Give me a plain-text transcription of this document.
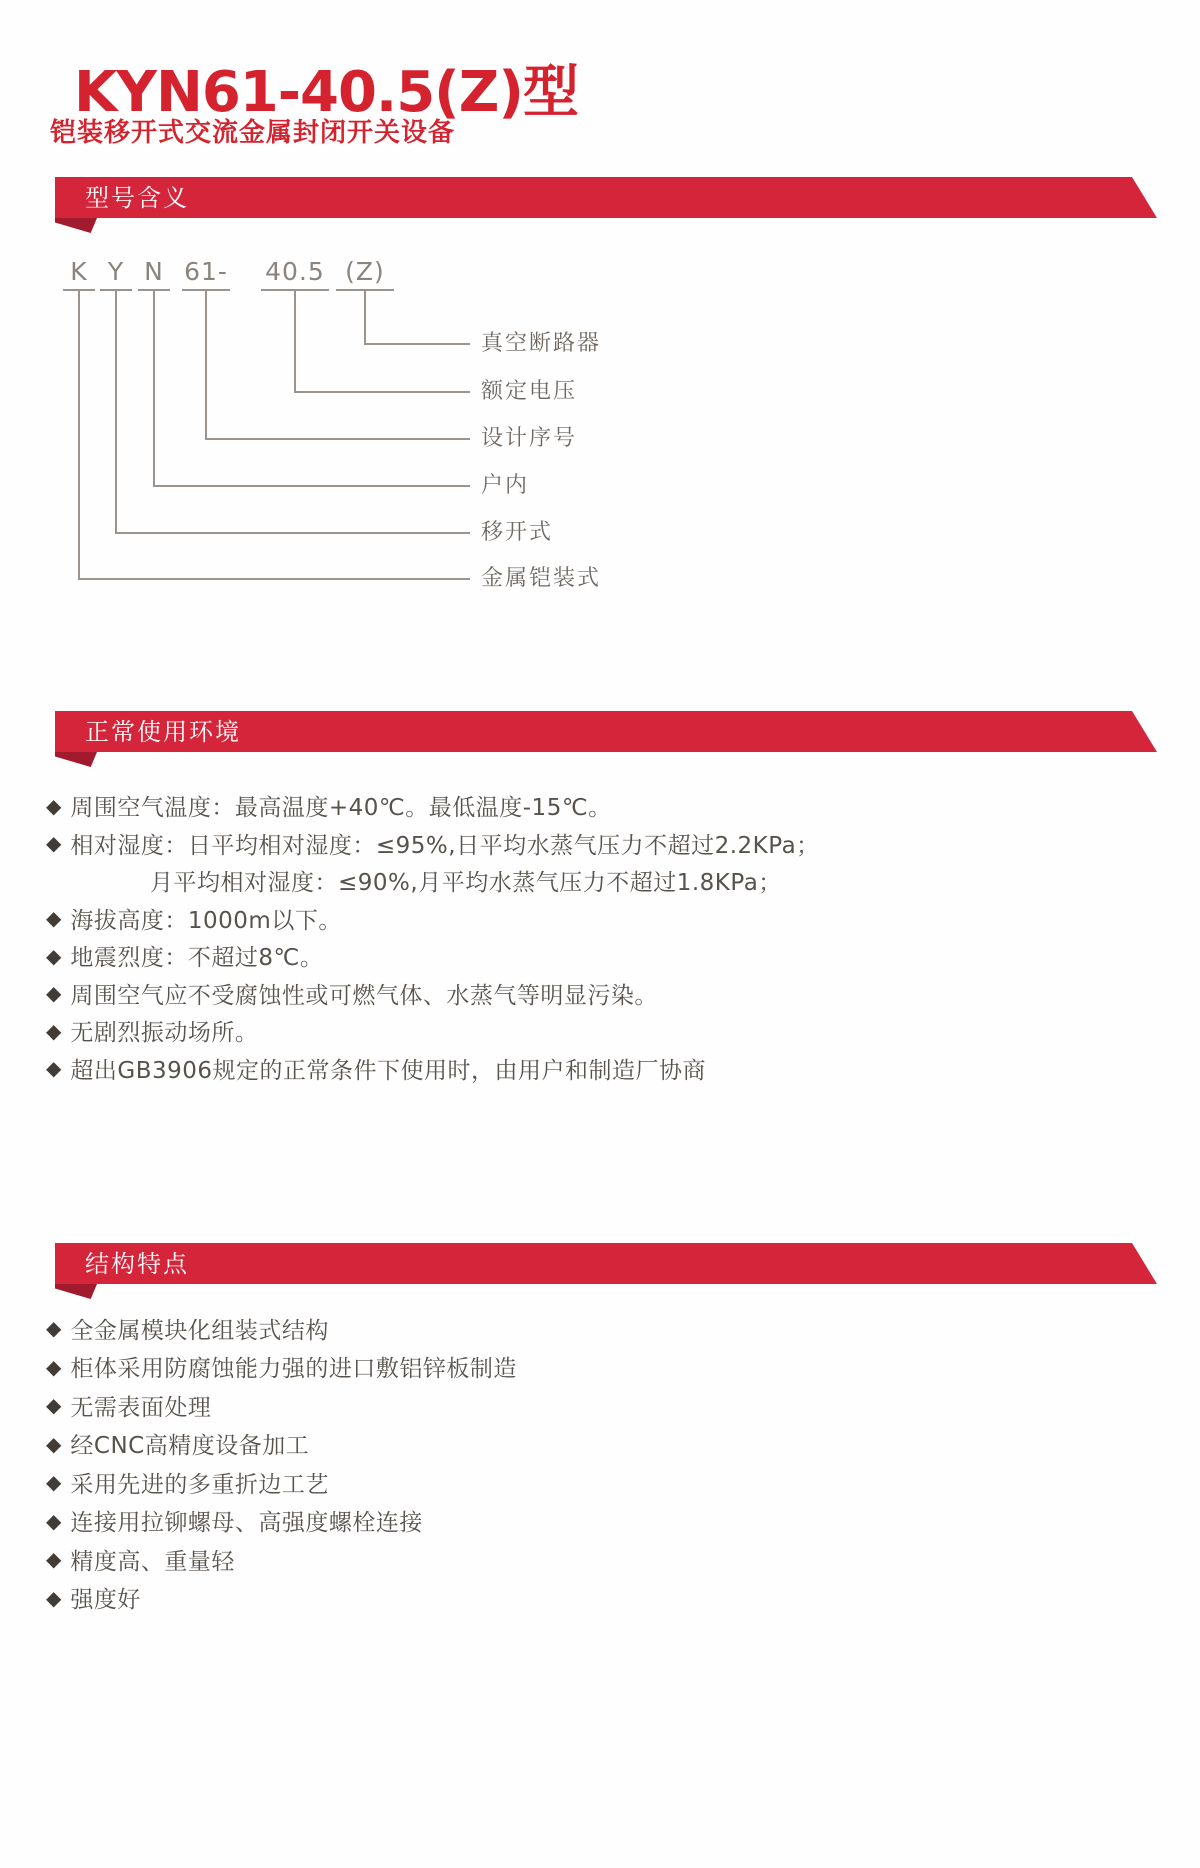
KYN61-40.5(Z)型
铠装移开式交流金属封闭开关设备
型号含义
K Y N 61- 40.5 (Z)
真空断路器
额定电压
设计序号
户内
移开式
金属铠装式
正常使用环境
◆ 周围空气温度：最高温度+40℃。最低温度-15℃。
◆ 相对湿度：日平均相对湿度：≤95%,日平均水蒸气压力不超过2.2KPa；
月平均相对湿度：≤90%,月平均水蒸气压力不超过1.8KPa；
◆ 海拔高度：1000m以下。
◆ 地震烈度：不超过8℃。
◆ 周围空气应不受腐蚀性或可燃气体、水蒸气等明显污染。
◆ 无剧烈振动场所。
◆ 超出GB3906规定的正常条件下使用时，由用户和制造厂协商
结构特点
◆ 全金属模块化组装式结构
◆ 柜体采用防腐蚀能力强的进口敷铝锌板制造
◆ 无需表面处理
◆ 经CNC高精度设备加工
◆ 采用先进的多重折边工艺
◆ 连接用拉铆螺母、高强度螺栓连接
◆ 精度高、重量轻
◆ 强度好
